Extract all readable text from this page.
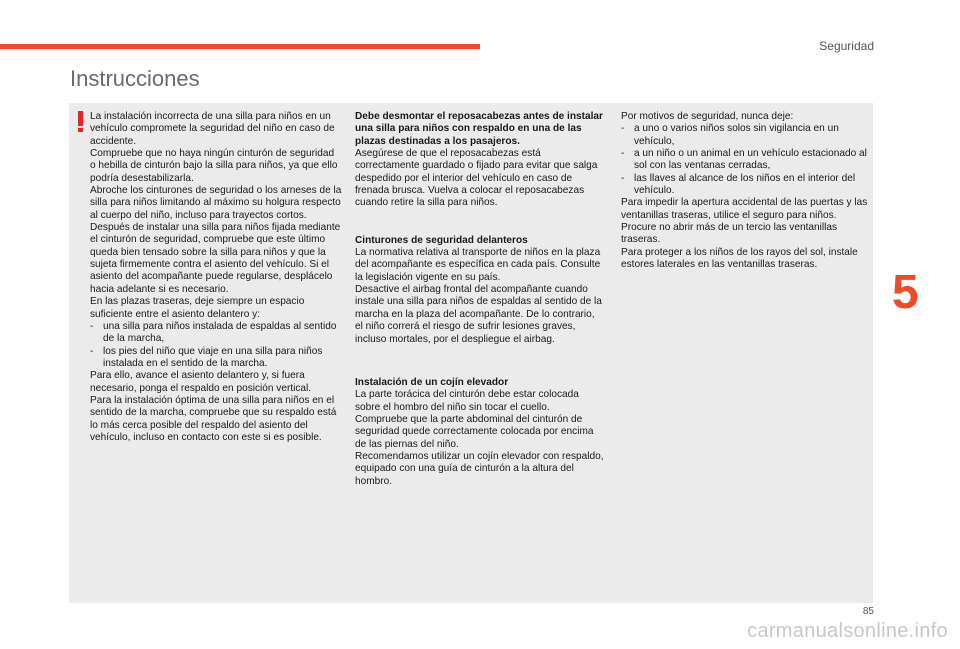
Seguridad
Instrucciones

La instalación incorrecta de una silla para niños en un vehículo compromete la seguridad del niño en caso de accidente.

Compruebe que no haya ningún cinturón de seguridad o hebilla de cinturón bajo la silla para niños, ya que ello podría desestabilizarla.

Abroche los cinturones de seguridad o los arneses de la silla para niños limitando al máximo su holgura respecto al cuerpo del niño, incluso para trayectos cortos.

Después de instalar una silla para niños fijada mediante el cinturón de seguridad, compruebe que este último queda bien tensado sobre la silla para niños y que la sujeta firmemente contra el asiento del vehículo. Si el asiento del acompañante puede regularse, desplácelo hacia adelante si es necesario.

En las plazas traseras, deje siempre un espacio suficiente entre el asiento delantero y:

- una silla para niños instalada de espaldas al sentido de la marcha,
- los pies del niño que viaje en una silla para niños instalada en el sentido de la marcha.

Para ello, avance el asiento delantero y, si fuera necesario, ponga el respaldo en posición vertical.

Para la instalación óptima de una silla para niños en el sentido de la marcha, compruebe que su respaldo está lo más cerca posible del respaldo del asiento del vehículo, incluso en contacto con este si es posible.

Debe desmontar el reposacabezas antes de instalar una silla para niños con respaldo en una de las plazas destinadas a los pasajeros.

Asegúrese de que el reposacabezas está correctamente guardado o fijado para evitar que salga despedido por el interior del vehículo en caso de frenada brusca. Vuelva a colocar el reposacabezas cuando retire la silla para niños.

Cinturones de seguridad delanteros

La normativa relativa al transporte de niños en la plaza del acompañante es específica en cada país. Consulte la legislación vigente en su país.

Desactive el airbag frontal del acompañante cuando instale una silla para niños de espaldas al sentido de la marcha en la plaza del acompañante. De lo contrario, el niño correrá el riesgo de sufrir lesiones graves, incluso mortales, por el despliegue el airbag.

Instalación de un cojín elevador

La parte torácica del cinturón debe estar colocada sobre el hombro del niño sin tocar el cuello.

Compruebe que la parte abdominal del cinturón de seguridad quede correctamente colocada por encima de las piernas del niño.

Recomendamos utilizar un cojín elevador con respaldo, equipado con una guía de cinturón a la altura del hombro.

Por motivos de seguridad, nunca deje:

- a uno o varios niños solos sin vigilancia en un vehículo,
- a un niño o un animal en un vehículo estacionado al sol con las ventanas cerradas,
- las llaves al alcance de los niños en el interior del vehículo.

Para impedir la apertura accidental de las puertas y las ventanillas traseras, utilice el seguro para niños.

Procure no abrir más de un tercio las ventanillas traseras.

Para proteger a los niños de los rayos del sol, instale estores laterales en las ventanillas traseras.

5
85
carmanualsonline.info
